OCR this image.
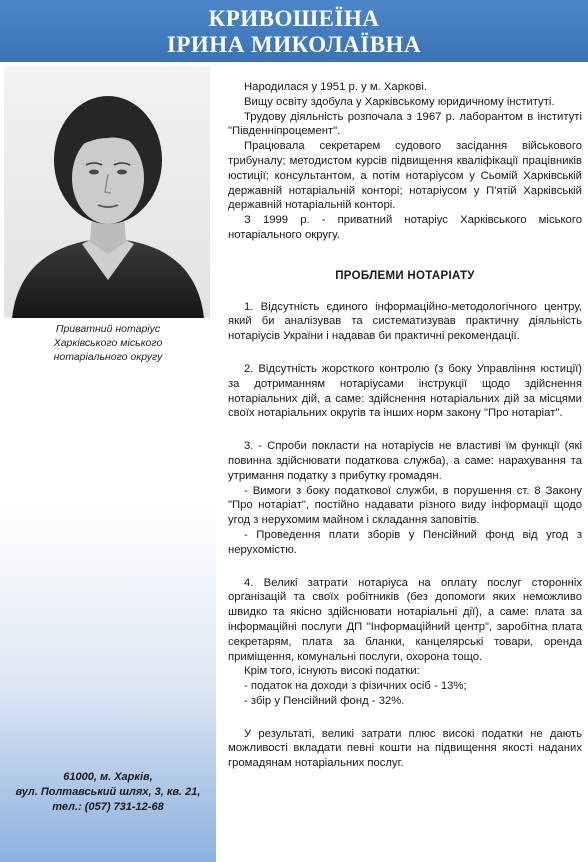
КРИВОШЕЇНА
ІРИНА МИКОЛАЇВНА
Приватний нотаріус
Харківського міського
нотаріального округу
61000, м. Харків,
вул. Полтавський шлях, 3, кв. 21,
тел.: (057) 731-12-68

Народилася у 1951 р. у м. Харкові.

Вищу освіту здобула у Харківському юридичному інституті.

Трудову діяльність розпочала з 1967 р. лаборантом в інституті "Південніпроцемент".

Працювала секретарем судового засідання військового трибуналу; методистом курсів підвищення кваліфікації працівників юстиції; консультантом, а потім нотаріусом у Сьомій Харківській державній нотаріальній конторі; нотаріусом у П'ятій Харківській державній нотаріальній конторі.

З 1999 р. - приватний нотаріус Харківського міського нотаріального округу.

ПРОБЛЕМИ НОТАРІАТУ

1. Відсутність єдиного інформаційно-методологічного центру, який би аналізував та систематизував практичну діяльність нотаріусів України і надавав би практичні рекомендації.

2. Відсутність жорсткого контролю (з боку Управління юстиції) за дотриманням нотаріусами інструкції щодо здійснення нотаріальних дій, а саме: здійснення нотаріальних дій за місцями своїх нотаріальних округів та інших норм закону "Про нотаріат".

3. - Спроби покласти на нотаріусів не властиві їм функції (які повинна здійснювати податкова служба), а саме: нарахування та утримання податку з прибутку громадян.

- Вимоги з боку податкової служби, в порушення ст. 8 Закону "Про нотаріат", постійно надавати різного виду інформації щодо угод з нерухомим майном і складання заповітів.

- Проведення плати зборів у Пенсійний фонд від угод з нерухомістю.

4. Великі затрати нотаріуса на оплату послуг сторонніх організацій та своїх робітників (без допомоги яких неможливо швидко та якісно здійснювати нотаріальні дії), а саме: плата за інформаційні послуги ДП "Інформаційний центр", заробітна плата секретарям, плата за бланки, канцелярські товари, оренда приміщення, комунальні послуги, охорона тощо.

Крім того, існують високі податки:

- податок на доходи з фізичних осіб - 13%;

- збір у Пенсійний фонд - 32%.

У результаті, великі затрати плюс високі податки не дають можливості вкладати певні кошти на підвищення якості наданих громадянам нотаріальних послуг.
